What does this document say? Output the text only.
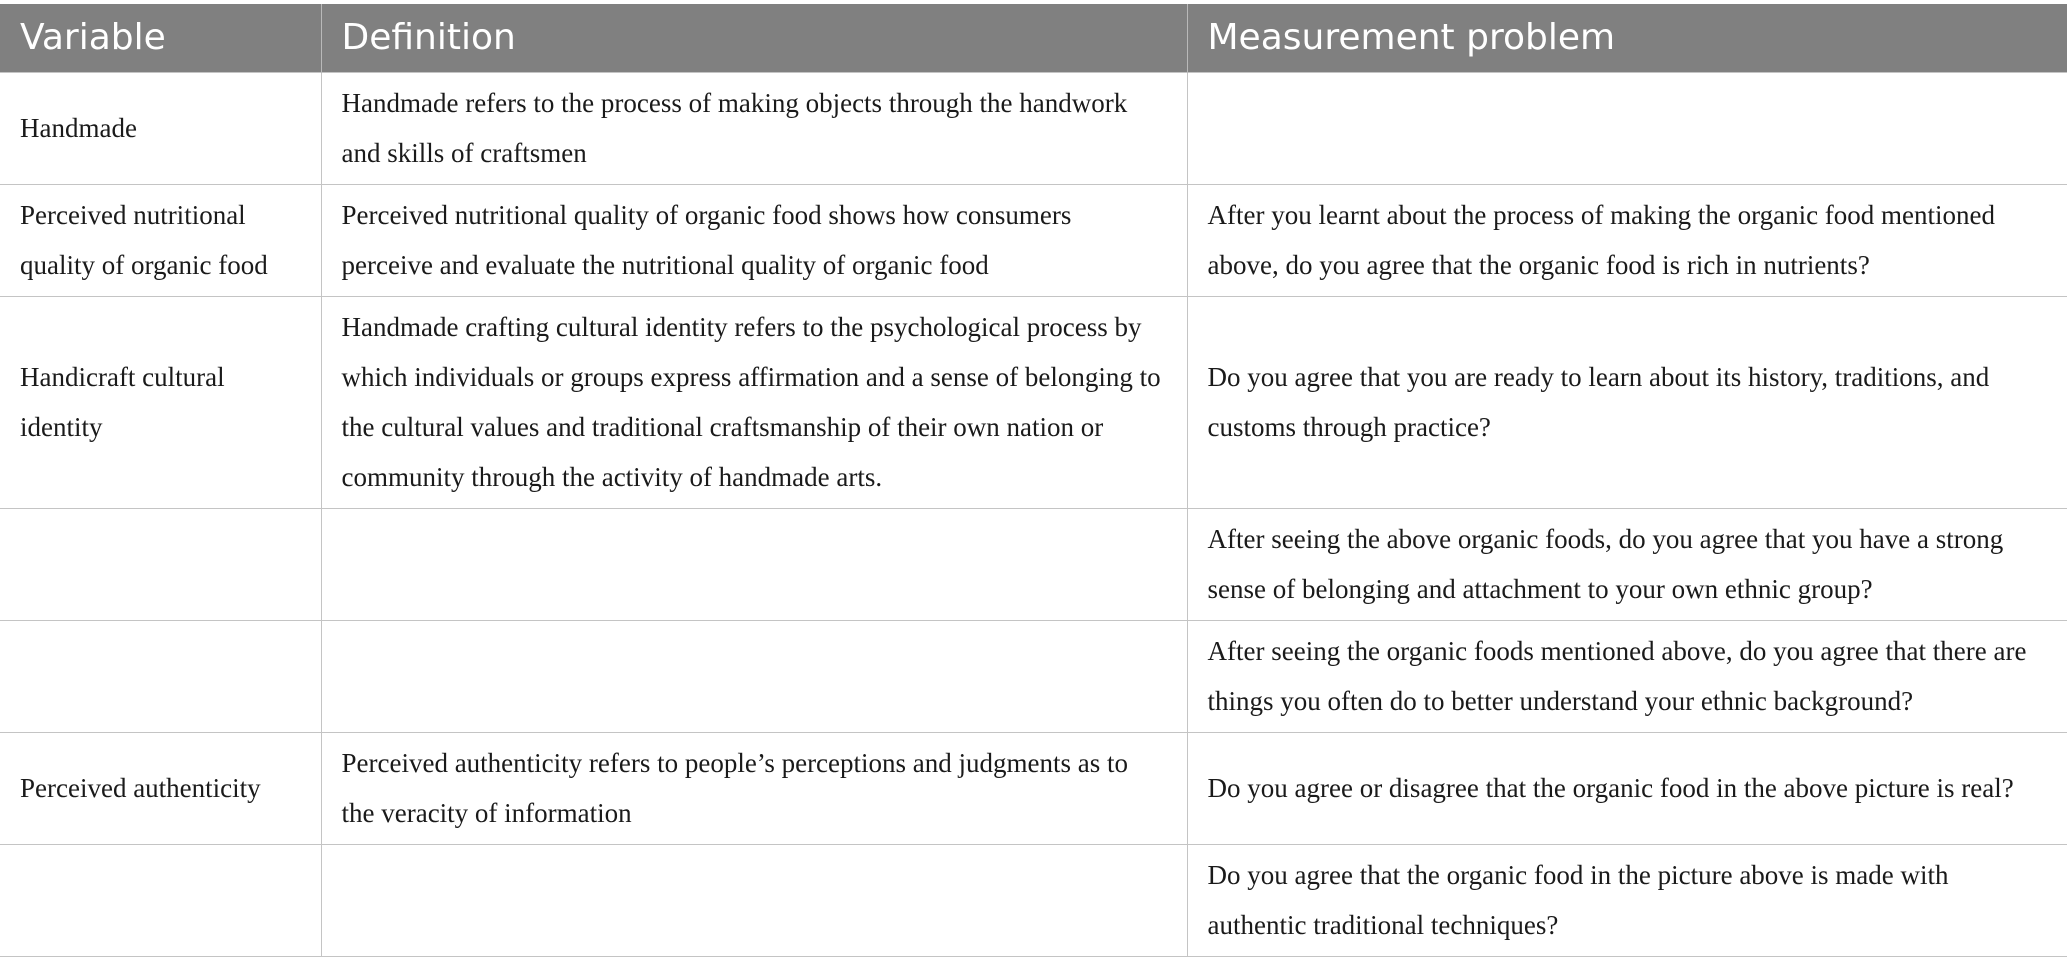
Variable	Definition	Measurement problem
Handmade	Handmade refers to the process of making objects through the handwork and skills of craftsmen	
Perceived nutritional quality of organic food	Perceived nutritional quality of organic food shows how consumers perceive and evaluate the nutritional quality of organic food	After you learnt about the process of making the organic food mentioned above, do you agree that the organic food is rich in nutrients?
Handicraft cultural identity	Handmade crafting cultural identity refers to the psychological process by which individuals or groups express affirmation and a sense of belonging to the cultural values and traditional craftsmanship of their own nation or community through the activity of handmade arts.	Do you agree that you are ready to learn about its history, traditions, and customs through practice?
		After seeing the above organic foods, do you agree that you have a strong sense of belonging and attachment to your own ethnic group?
		After seeing the organic foods mentioned above, do you agree that there are things you often do to better understand your ethnic background?
Perceived authenticity	Perceived authenticity refers to people’s perceptions and judgments as to the veracity of information	Do you agree or disagree that the organic food in the above picture is real?
		Do you agree that the organic food in the picture above is made with authentic traditional techniques?
